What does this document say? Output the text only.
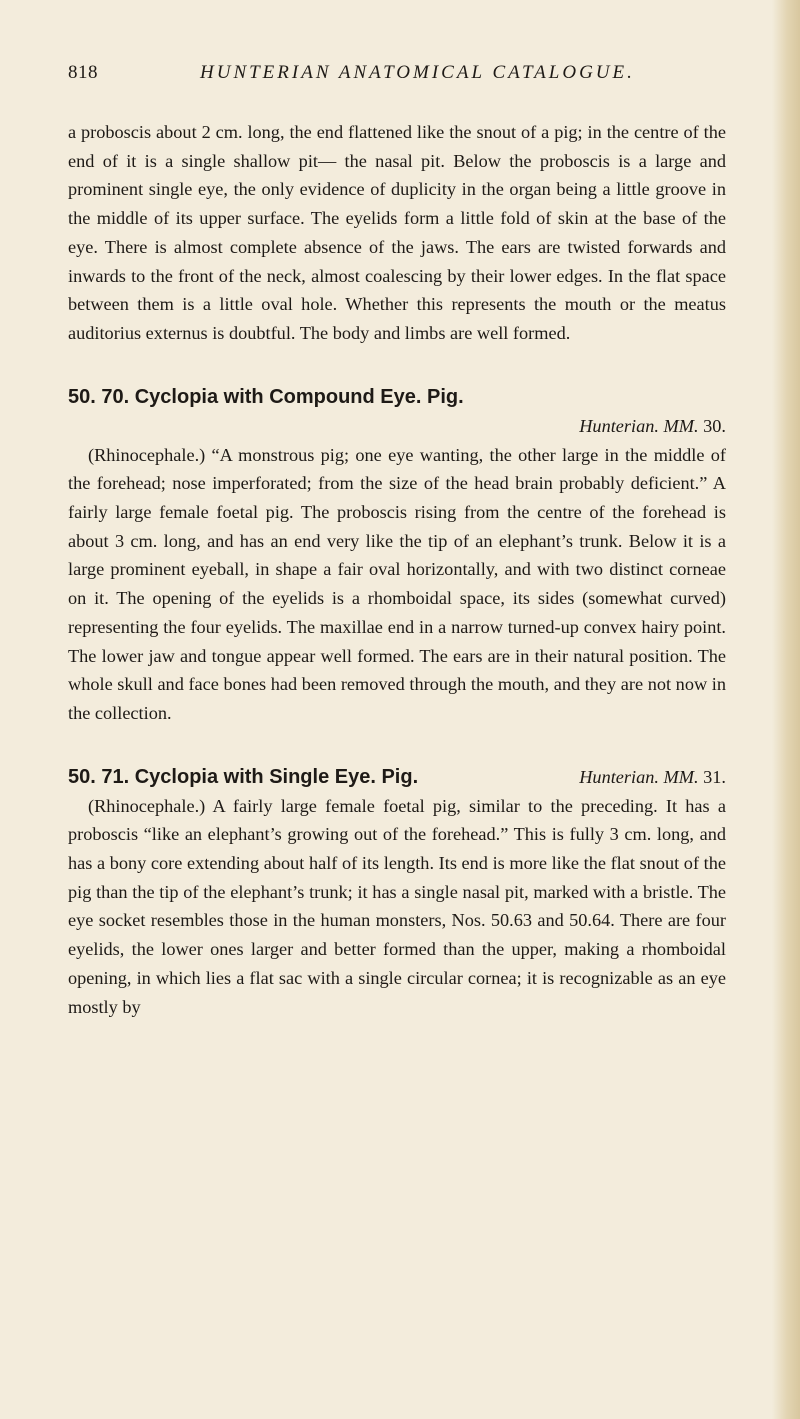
818	HUNTERIAN ANATOMICAL CATALOGUE.

a proboscis about 2 cm. long, the end flattened like the snout of a pig; in the centre of the end of it is a single shallow pit— the nasal pit. Below the proboscis is a large and prominent single eye, the only evidence of duplicity in the organ being a little groove in the middle of its upper surface. The eyelids form a little fold of skin at the base of the eye. There is almost complete absence of the jaws. The ears are twisted forwards and inwards to the front of the neck, almost coalescing by their lower edges. In the flat space between them is a little oval hole. Whether this represents the mouth or the meatus auditorius externus is doubtful. The body and limbs are well formed.

50. 70. Cyclopia with Compound Eye. Pig.
Hunterian. MM. 30.

(Rhinocephale.) “A monstrous pig; one eye wanting, the other large in the middle of the forehead; nose imperforated; from the size of the head brain probably deficient.” A fairly large female foetal pig. The proboscis rising from the centre of the forehead is about 3 cm. long, and has an end very like the tip of an elephant’s trunk. Below it is a large prominent eyeball, in shape a fair oval horizontally, and with two distinct corneae on it. The opening of the eyelids is a rhomboidal space, its sides (somewhat curved) representing the four eyelids. The maxillae end in a narrow turned-up convex hairy point. The lower jaw and tongue appear well formed. The ears are in their natural position. The whole skull and face bones had been removed through the mouth, and they are not now in the collection.

50. 71. Cyclopia with Single Eye. Pig.	Hunterian. MM. 31.

(Rhinocephale.) A fairly large female foetal pig, similar to the preceding. It has a proboscis “like an elephant’s growing out of the forehead.” This is fully 3 cm. long, and has a bony core extending about half of its length. Its end is more like the flat snout of the pig than the tip of the elephant’s trunk; it has a single nasal pit, marked with a bristle. The eye socket resembles those in the human monsters, Nos. 50.63 and 50.64. There are four eyelids, the lower ones larger and better formed than the upper, making a rhomboidal opening, in which lies a flat sac with a single circular cornea; it is recognizable as an eye mostly by
